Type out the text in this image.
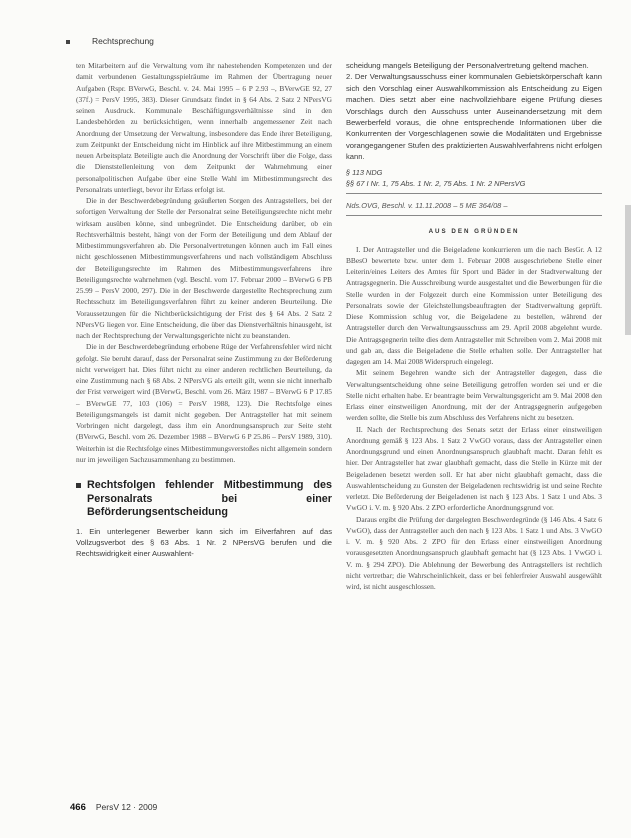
Rechtsprechung

ten Mitarbeitern auf die Verwaltung vom ihr nahestehenden Kompetenzen und der damit verbundenen Gestaltungsspielräume im Rahmen der Übertragung neuer Aufgaben (Rspr. BVerwG, Beschl. v. 24. Mai 1995 – 6 P 2.93 –, BVerwGE 92, 27 (37f.) = PersV 1995, 383). Dieser Grundsatz findet in § 64 Abs. 2 Satz 2 NPersVG seinen Ausdruck. Kommunale Beschäftigungsverhältnisse sind in den Landesbehörden zu berücksichtigen, wenn innerhalb angemessener Zeit nach Anordnung der Umsetzung der Verwaltung, insbesondere das Ende ihrer Beteiligung, zum Zeitpunkt der Entscheidung nicht im Hinblick auf ihre Mitbestimmung an einem neuen Arbeitsplatz Beteiligte auch die Anordnung der Vorschrift über die Folge, dass die Dienststellenleitung von dem Zeitpunkt der Wahrnehmung einer personalpolitischen Aufgabe über eine Stelle Wahl im Mitbestimmungsrecht des Personalrats unterliegt, bevor ihr Erlass erfolgt ist.

Die in der Beschwerdebegründung geäußerten Sorgen des Antragstellers, bei der sofortigen Verwaltung der Stelle der Personalrat seine Beteiligungsrechte nicht mehr wirksam ausüben könne, sind unbegründet. Die Entscheidung darüber, ob ein Rechtsverhältnis besteht, hängt von der Form der Beteiligung und dem Ablauf der Mitbestimmungsverfahren ab. Die Personalvertretungen können auch im Fall eines nicht geschlossenen Mitbestimmungsverfahrens und nach vollständigem Abschluss der Beteiligungsrechte im Rahmen des Mitbestimmungsverfahrens ihre Beteiligungsrechte wahrnehmen (vgl. Beschl. vom 17. Februar 2000 – BVerwG 6 PB 25.99 – PersV 2000, 297). Die in der Beschwerde dargestellte Rechtsprechung zum Rechtsschutz im Beteiligungsverfahren führt zu keiner anderen Beurteilung. Die Voraussetzungen für die Nichtberücksichtigung der Frist des § 64 Abs. 2 Satz 2 NPersVG liegen vor. Eine Entscheidung, die über das Dienstverhältnis hinausgeht, ist nach der Rechtsprechung der Verwaltungsgerichte nicht zu beanstanden.

Die in der Beschwerdebegründung erhobene Rüge der Verfahrensfehler wird nicht gefolgt. Sie beruht darauf, dass der Personalrat seine Zustimmung zu der Beförderung nicht verweigert hat. Dies führt nicht zu einer anderen rechtlichen Beurteilung, da eine Zustimmung nach § 68 Abs. 2 NPersVG als erteilt gilt, wenn sie nicht innerhalb der Frist verweigert wird (BVerwG, Beschl. vom 26. März 1987 – BVerwG 6 P 17.85 – BVerwGE 77, 103 (106) = PersV 1988, 123). Die Rechtsfolge eines Beteiligungsmangels ist damit nicht gegeben. Der Antragsteller hat mit seinem Vorbringen nicht dargelegt, dass ihm ein Anordnungsanspruch zur Seite steht (BVerwG, Beschl. vom 26. Dezember 1988 – BVerwG 6 P 25.86 – PersV 1989, 310). Weiterhin ist die Rechtsfolge eines Mitbestimmungsverstoßes nicht allgemein sondern nur im jeweiligen Sachzusammenhang zu bestimmen.

Rechtsfolgen fehlender Mitbestimmung des Personalrats bei einer Beförderungsentscheidung

1. Ein unterlegener Bewerber kann sich im Eilverfahren auf das Vollzugsverbot des § 63 Abs. 1 Nr. 2 NPersVG berufen und die Rechtswidrigkeit einer Auswahlent-

scheidung mangels Beteiligung der Personalvertretung geltend machen.

2. Der Verwaltungsausschuss einer kommunalen Gebietskörperschaft kann sich den Vorschlag einer Auswahlkommission als Entscheidung zu Eigen machen. Dies setzt aber eine nachvollziehbare eigene Prüfung dieses Vorschlags durch den Ausschuss unter Auseinandersetzung mit dem Bewerberfeld voraus, die ohne entsprechende Informationen über die Konkurrenten der Vorgeschlagenen sowie die Modalitäten und Ergebnisse vorangegangener Stufen des praktizierten Auswahlverfahrens nicht erfolgen kann.

§ 113 NDG
§§ 67 I Nr. 1, 75 Abs. 1 Nr. 2, 75 Abs. 1 Nr. 2 NPersVG
Nds.OVG, Beschl. v. 11.11.2008 – 5 ME 364/08 –
AUS DEN GRÜNDEN

I. Der Antragsteller und die Beigeladene konkurrieren um die nach BesGr. A 12 BBesO bewertete bzw. unter dem 1. Februar 2008 ausgeschriebene Stelle einer Leiterin/eines Leiters des Amtes für Sport und Bäder in der Stadtverwaltung der Antragsgegnerin. Die Ausschreibung wurde ausgestaltet und die Bewerbungen für die Stelle wurden in der Folgezeit durch eine Kommission unter Beteiligung des Personalrats sowie der Gleichstellungsbeauftragten der Stadtverwaltung geprüft. Diese Kommission schlug vor, die Beigeladene zu bestellen, während der Antragsteller durch den Verwaltungsausschuss am 29. April 2008 abgelehnt wurde. Die Antragsgegnerin teilte dies dem Antragsteller mit Schreiben vom 2. Mai 2008 mit und gab an, dass die Beigeladene die Stelle erhalten solle. Der Antragsteller hat dagegen am 14. Mai 2008 Widerspruch eingelegt.

Mit seinem Begehren wandte sich der Antragsteller dagegen, dass die Verwaltungsentscheidung ohne seine Beteiligung getroffen worden sei und er die Stelle nicht erhalten habe. Er beantragte beim Verwaltungsgericht am 9. Mai 2008 den Erlass einer einstweiligen Anordnung, mit der der Antragsgegnerin aufgegeben werden sollte, die Stelle bis zum Abschluss des Verfahrens nicht zu besetzen.

II. Nach der Rechtsprechung des Senats setzt der Erlass einer einstweiligen Anordnung gemäß § 123 Abs. 1 Satz 2 VwGO voraus, dass der Antragsteller einen Anordnungsgrund und einen Anordnungsanspruch glaubhaft macht. Daran fehlt es hier. Der Antragsteller hat zwar glaubhaft gemacht, dass die Stelle in Kürze mit der Beigeladenen besetzt werden soll. Er hat aber nicht glaubhaft gemacht, dass die Auswahlentscheidung zu Gunsten der Beigeladenen rechtswidrig ist und seine Rechte verletzt. Die Beförderung der Beigeladenen ist nach § 123 Abs. 1 Satz 1 und Abs. 3 VwGO i. V. m. § 920 Abs. 2 ZPO erforderliche Anordnungsgrund vor.

Daraus ergibt die Prüfung der dargelegten Beschwerdegründe (§ 146 Abs. 4 Satz 6 VwGO), dass der Antragsteller auch den nach § 123 Abs. 1 Satz 1 und Abs. 3 VwGO i. V. m. § 920 Abs. 2 ZPO für den Erlass einer einstweiligen Anordnung vorausgesetzten Anordnungsanspruch glaubhaft gemacht hat (§ 123 Abs. 1 VwGO i. V. m. § 294 ZPO). Die Ablehnung der Bewerbung des Antragstellers ist rechtlich nicht vertretbar; die Wahrscheinlichkeit, dass er bei fehlerfreier Auswahl ausgewählt wird, ist nicht ausgeschlossen.

466 PersV 12 · 2009
